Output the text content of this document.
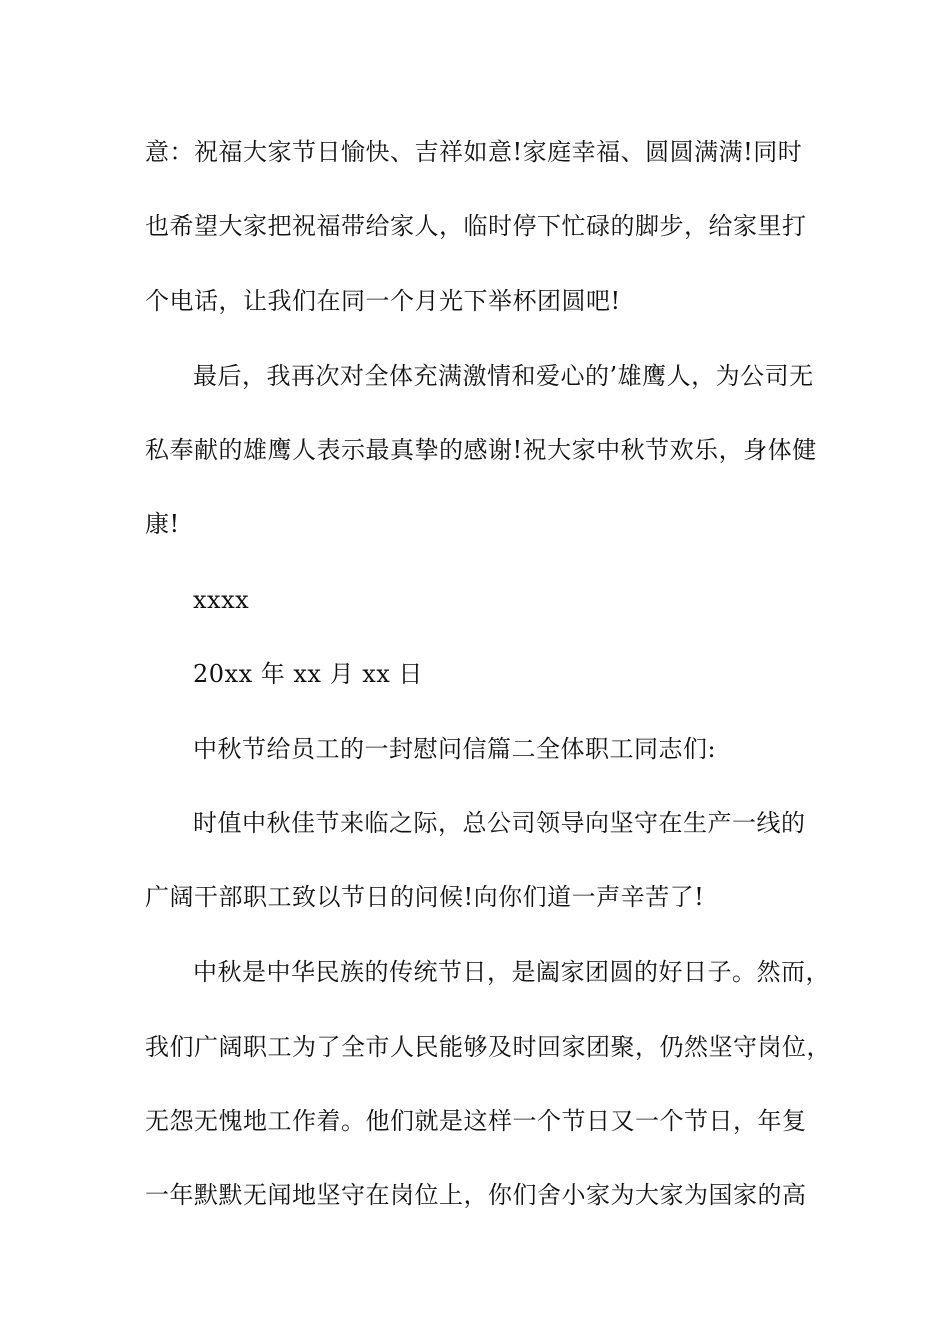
意：祝福大家节日愉快、吉祥如意!家庭幸福、圆圆满满!同时
也希望大家把祝福带给家人，临时停下忙碌的脚步，给家里打
个电话，让我们在同一个月光下举杯团圆吧!
最后，我再次对全体充满激情和爱心的’雄鹰人，为公司无
私奉献的雄鹰人表示最真挚的感谢!祝大家中秋节欢乐，身体健
康!
xxxx
20xx 年 xx 月 xx 日
中秋节给员工的一封慰问信篇二全体职工同志们:
时值中秋佳节来临之际，总公司领导向坚守在生产一线的
广阔干部职工致以节日的问候!向你们道一声辛苦了!
中秋是中华民族的传统节日，是阖家团圆的好日子。然而，
我们广阔职工为了全市人民能够及时回家团聚，仍然坚守岗位，
无怨无愧地工作着。他们就是这样一个节日又一个节日，年复
一年默默无闻地坚守在岗位上，你们舍小家为大家为国家的高
